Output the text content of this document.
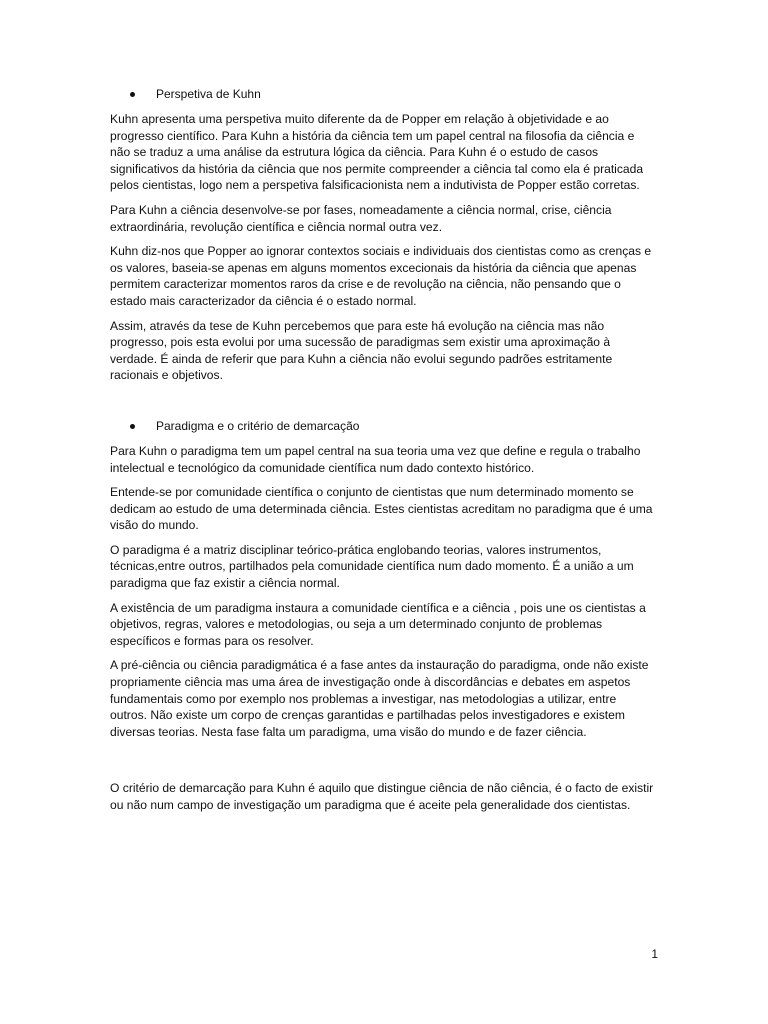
Perspetiva de Kuhn

Kuhn apresenta uma perspetiva muito diferente da de Popper em relação à objetividade e ao progresso científico. Para Kuhn a história da ciência tem um papel central na filosofia da ciência e não se traduz a uma análise da estrutura lógica da ciência. Para Kuhn é o estudo de casos significativos da história da ciência que nos permite compreender a ciência tal como ela é praticada pelos cientistas, logo nem a perspetiva falsificacionista nem a indutivista de Popper estão corretas.

Para Kuhn a ciência desenvolve-se por fases, nomeadamente a ciência normal, crise, ciência extraordinária, revolução científica e ciência normal outra vez.

Kuhn diz-nos que Popper ao ignorar contextos sociais e individuais dos cientistas como as crenças e os valores, baseia-se apenas em alguns momentos excecionais da história da ciência que apenas permitem caracterizar momentos raros da crise e de revolução na ciência, não pensando que o estado mais caracterizador da ciência é o estado normal.

Assim, através da tese de Kuhn percebemos que para este há evolução na ciência mas não progresso, pois esta evolui por uma sucessão de paradigmas sem existir uma aproximação à verdade. É ainda de referir que para Kuhn a ciência não evolui segundo padrões estritamente racionais e objetivos.

Paradigma e o critério de demarcação

Para Kuhn o paradigma tem um papel central na sua teoria uma vez que define e regula o trabalho intelectual e tecnológico da comunidade científica num dado contexto histórico.

Entende-se por comunidade científica o conjunto de cientistas que num determinado momento se dedicam ao estudo de uma determinada ciência. Estes cientistas acreditam no paradigma que é uma visão do mundo.

O paradigma é a matriz disciplinar teórico-prática englobando teorias, valores instrumentos, técnicas,entre outros, partilhados pela comunidade científica num dado momento. É a união a um paradigma que faz existir a ciência normal.

A existência de um paradigma instaura a comunidade científica e a ciência , pois une os cientistas a objetivos, regras, valores e metodologias, ou seja a um determinado conjunto de problemas específicos e formas para os resolver.

A pré-ciência ou ciência paradigmática é a fase antes da instauração do paradigma, onde não existe propriamente ciência mas uma área de investigação onde à discordâncias e debates em aspetos fundamentais como por exemplo nos problemas a investigar, nas metodologias a utilizar, entre outros. Não existe um corpo de crenças garantidas e partilhadas pelos investigadores e existem diversas teorias. Nesta fase falta um paradigma, uma visão do mundo e de fazer ciência.

O critério de demarcação para Kuhn é aquilo que distingue ciência de não ciência, é o facto de existir ou não num campo de investigação um paradigma que é aceite pela generalidade dos cientistas.

1
